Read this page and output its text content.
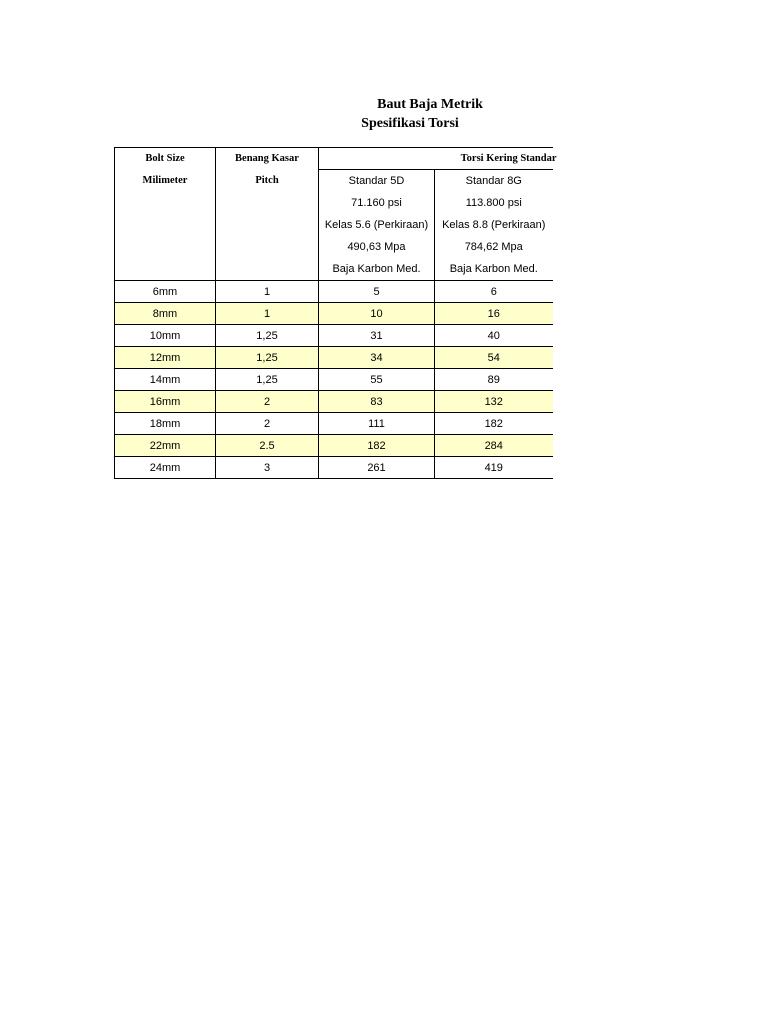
Baut Baja Metrik
Spesifikasi Torsi
Bolt Size	Benang Kasar	Torsi Kering Standar	

Milimeter	Pitch	Standar 5D	Standar 8G
		71.160 psi	113.800 psi
		Kelas 5.6 (Perkiraan)	Kelas 8.8 (Perkiraan)
		490,63 Mpa	784,62 Mpa
		Baja Karbon Med.	Baja Karbon Med.
6mm	1	5	6
8mm	1	10	16
10mm	1,25	31	40
12mm	1,25	34	54
14mm	1,25	55	89
16mm	2	83	132
18mm	2	111	182
22mm	2.5	182	284
24mm	3	261	419
